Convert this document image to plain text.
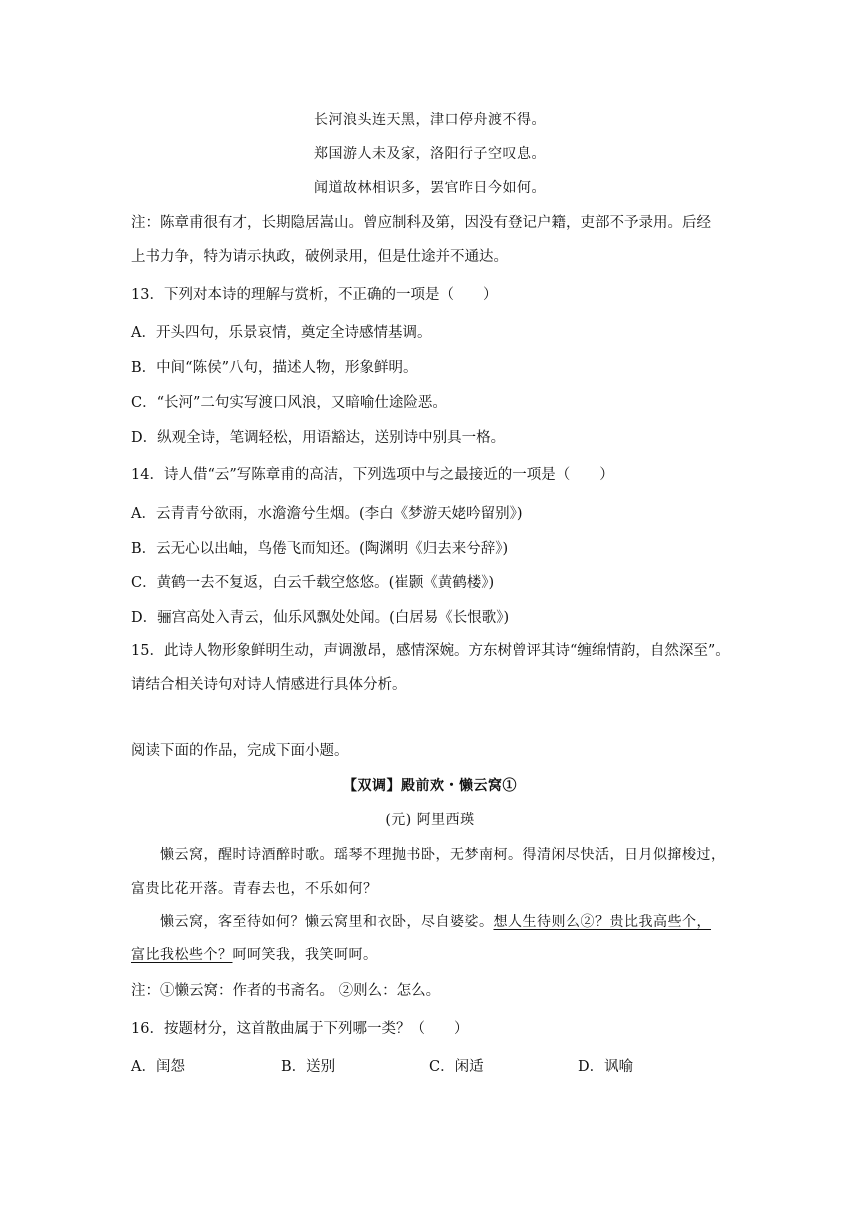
长河浪头连天黑，津口停舟渡不得。

郑国游人未及家，洛阳行子空叹息。

闻道故林相识多，罢官昨日今如何。

注：陈章甫很有才，长期隐居嵩山。曾应制科及第，因没有登记户籍，吏部不予录用。后经

上书力争，特为请示执政，破例录用，但是仕途并不通达。

13．下列对本诗的理解与赏析，不正确的一项是（　　）

A．开头四句，乐景哀情，奠定全诗感情基调。

B．中间“陈侯”八句，描述人物，形象鲜明。

C．“长河”二句实写渡口风浪，又暗喻仕途险恶。

D．纵观全诗，笔调轻松，用语豁达，送别诗中别具一格。

14．诗人借“云”写陈章甫的高洁，下列选项中与之最接近的一项是（　　）

A．云青青兮欲雨，水澹澹兮生烟。(李白《梦游天姥吟留别》)

B．云无心以出岫，鸟倦飞而知还。(陶渊明《归去来兮辞》)

C．黄鹤一去不复返，白云千载空悠悠。(崔颢《黄鹤楼》)

D．骊宫高处入青云，仙乐风飘处处闻。(白居易《长恨歌》)

15．此诗人物形象鲜明生动，声调激昂，感情深婉。方东树曾评其诗“缠绵情韵，自然深至”。

请结合相关诗句对诗人情感进行具体分析。

阅读下面的作品，完成下面小题。

【双调】殿前欢・懒云窝①

(元) 阿里西瑛

懒云窝，醒时诗酒醉时歌。瑶琴不理抛书卧，无梦南柯。得清闲尽快活，日月似撺梭过，

富贵比花开落。青春去也，不乐如何？

懒云窝，客至待如何？懒云窝里和衣卧，尽自婆娑。想人生待则么②？贵比我高些个，

富比我松些个？呵呵笑我，我笑呵呵。

注：①懒云窝：作者的书斋名。 ②则么：怎么。

16．按题材分，这首散曲属于下列哪一类？（　　）

A．闺怨	B．送别	C．闲适	D．讽喻
